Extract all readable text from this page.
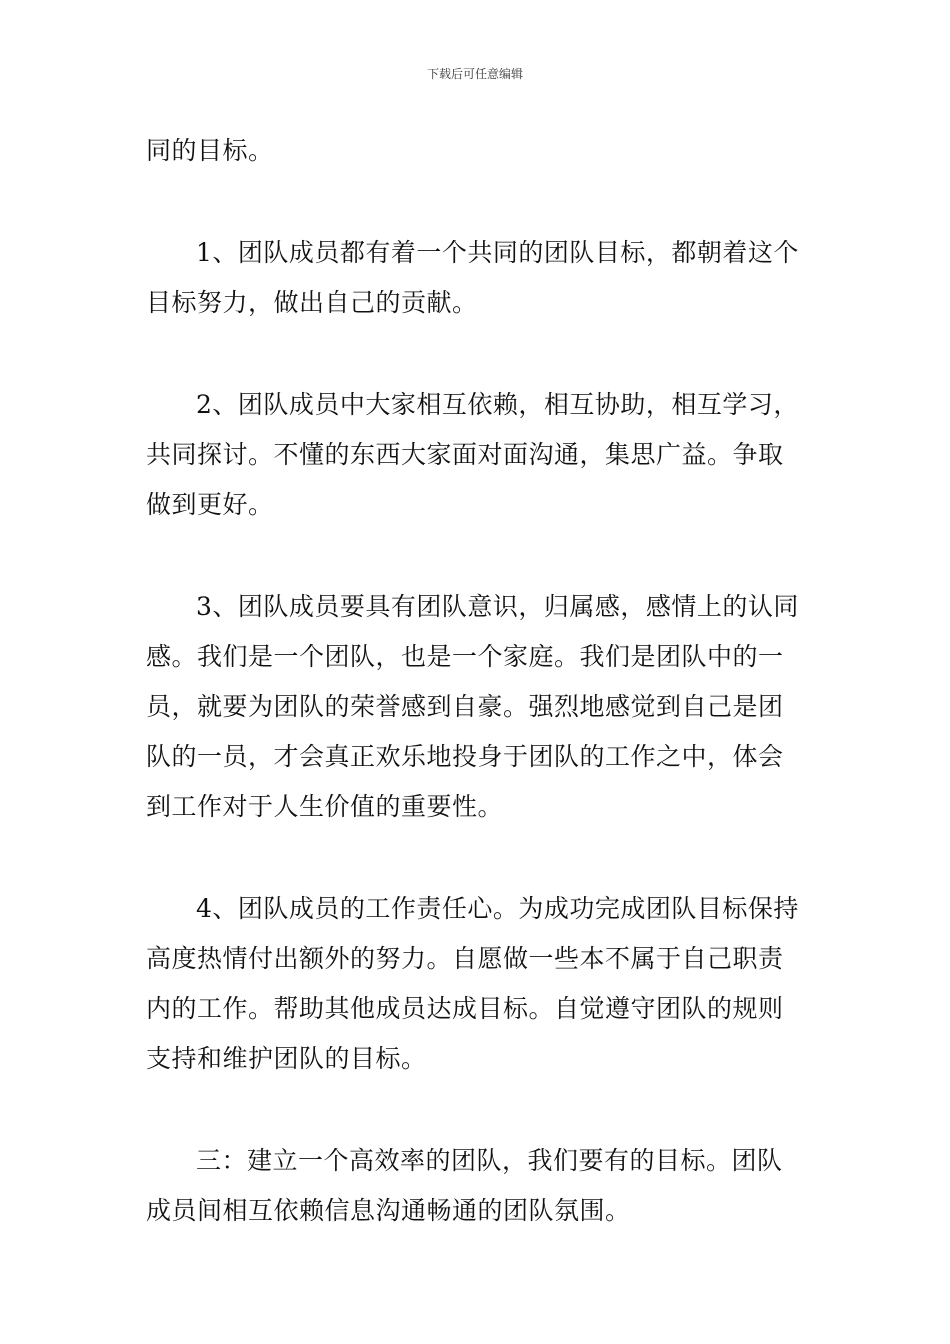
下载后可任意编辑
同的目标。
1、团队成员都有着一个共同的团队目标，都朝着这个
目标努力，做出自己的贡献。
2、团队成员中大家相互依赖，相互协助，相互学习，
共同探讨。不懂的东西大家面对面沟通，集思广益。争取
做到更好。
3、团队成员要具有团队意识，归属感，感情上的认同
感。我们是一个团队，也是一个家庭。我们是团队中的一
员，就要为团队的荣誉感到自豪。强烈地感觉到自己是团
队的一员，才会真正欢乐地投身于团队的工作之中，体会
到工作对于人生价值的重要性。
4、团队成员的工作责任心。为成功完成团队目标保持
高度热情付出额外的努力。自愿做一些本不属于自己职责
内的工作。帮助其他成员达成目标。自觉遵守团队的规则
支持和维护团队的目标。
三：建立一个高效率的团队，我们要有的目标。团队
成员间相互依赖信息沟通畅通的团队氛围。
